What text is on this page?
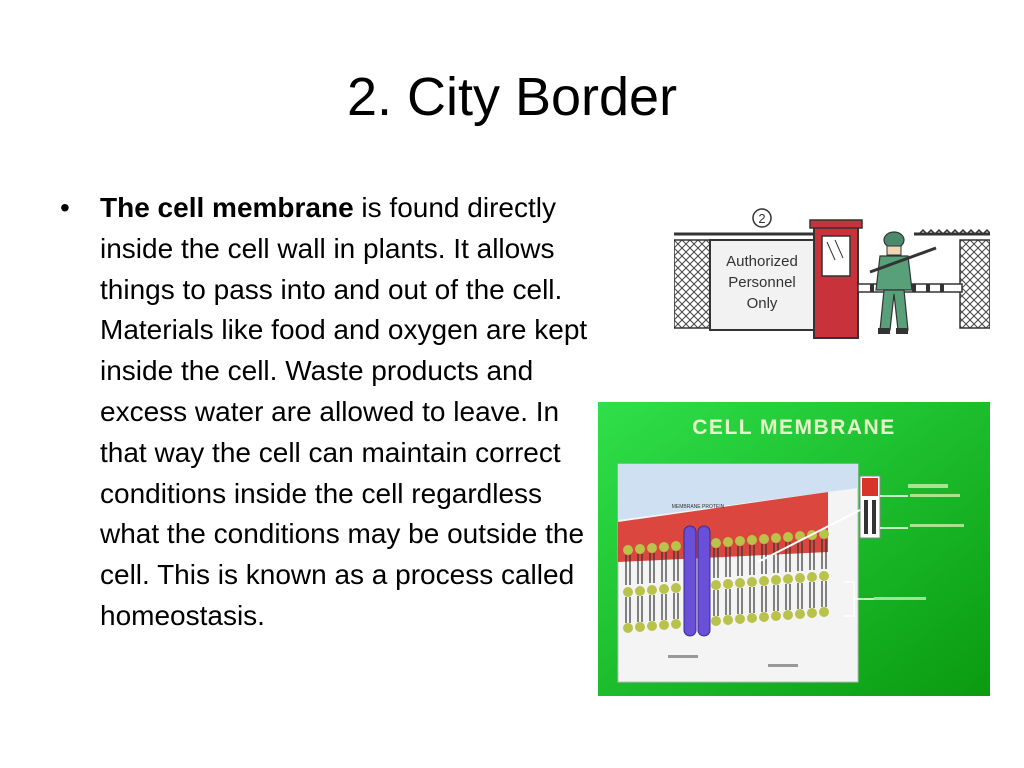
2. City Border
•	The cell membrane is found directly inside the cell wall in plants. It allows things to pass into and out of the cell. Materials like food and oxygen are kept inside the cell. Waste products and excess water are allowed to leave. In that way the cell can maintain correct conditions inside the cell regardless what the conditions may be outside the cell. This is known as a process called homeostasis.
Authorized
Personnel
Only
2
CELL MEMBRANE
MEMBRANE PROTEIN
